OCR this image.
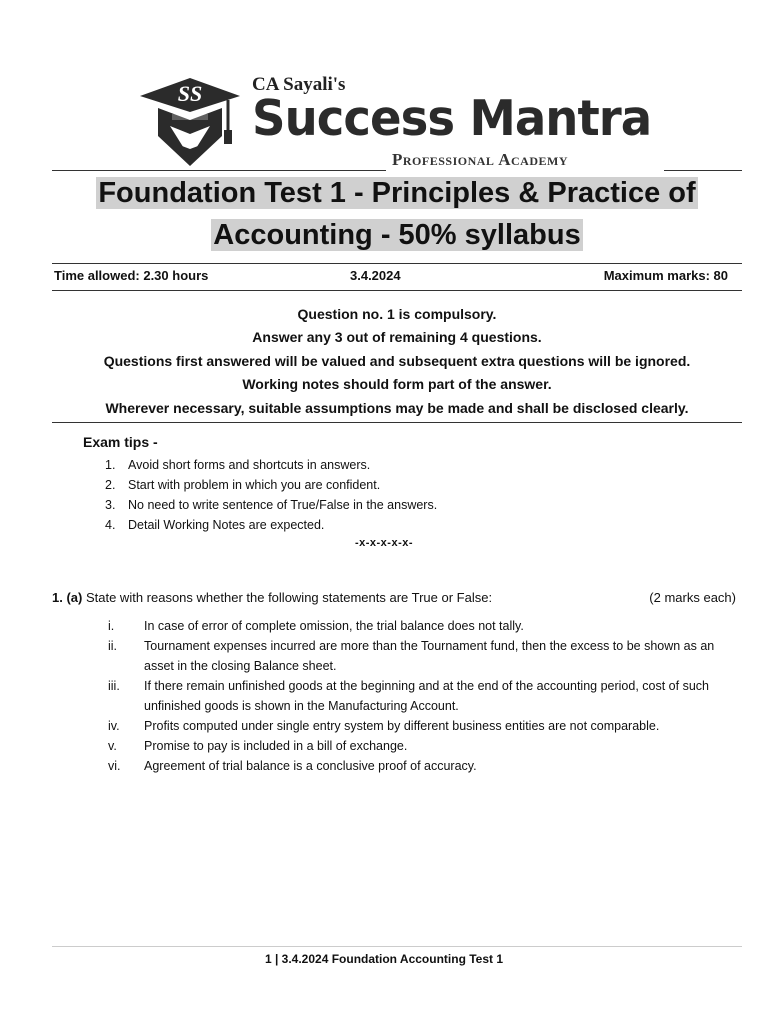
SS	CA Sayali's
Success Mantra
Professional Academy
Foundation Test 1 - Principles & Practice of
Accounting - 50% syllabus
Time allowed: 2.30 hours	3.4.2024	Maximum marks: 80
Question no. 1 is compulsory.
Answer any 3 out of remaining 4 questions.
Questions first answered will be valued and subsequent extra questions will be ignored.
Working notes should form part of the answer.
Wherever necessary, suitable assumptions may be made and shall be disclosed clearly.
Exam tips -
1.	Avoid short forms and shortcuts in answers.
2.	Start with problem in which you are confident.
3.	No need to write sentence of True/False in the answers.
4.	Detail Working Notes are expected.
-x-x-x-x-x-
1. (a) State with reasons whether the following statements are True or False:	(2 marks each)
i.	In case of error of complete omission, the trial balance does not tally.
ii.	Tournament expenses incurred are more than the Tournament fund, then the excess to be shown as an asset in the closing Balance sheet.
iii.	If there remain unfinished goods at the beginning and at the end of the accounting period, cost of such unfinished goods is shown in the Manufacturing Account.
iv.	Profits computed under single entry system by different business entities are not comparable.
v.	Promise to pay is included in a bill of exchange.
vi.	Agreement of trial balance is a conclusive proof of accuracy.
1 | 3.4.2024 Foundation Accounting Test 1
